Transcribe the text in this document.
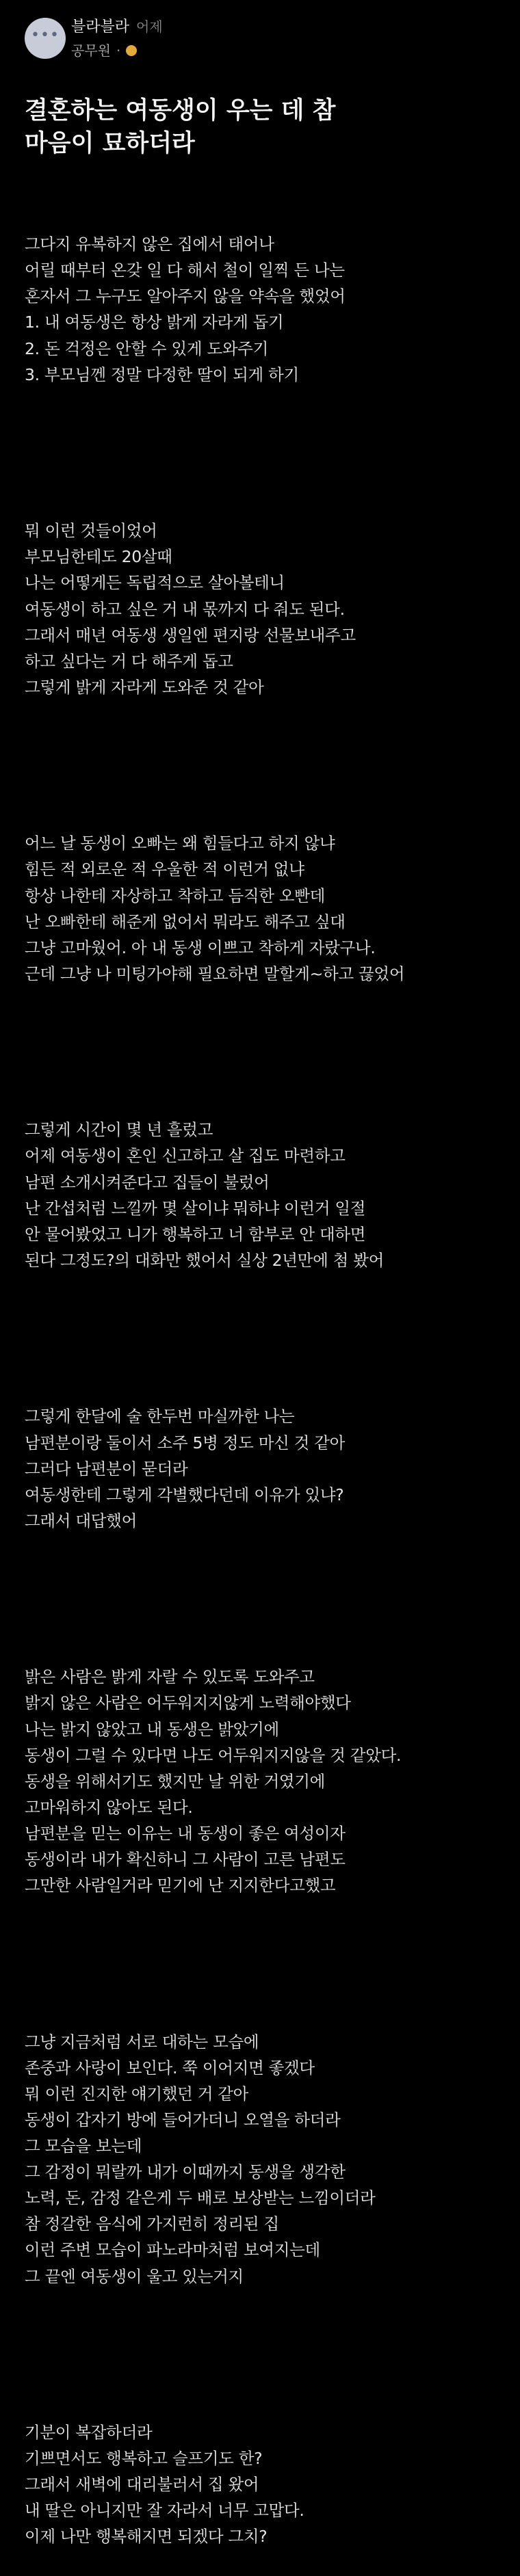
••• 블라블라 어제
공무원 ·
결혼하는 여동생이 우는 데 참
마음이 묘하더라

그다지 유복하지 않은 집에서 태어나
어릴 때부터 온갖 일 다 해서 철이 일찍 든 나는
혼자서 그 누구도 알아주지 않을 약속을 했었어
1. 내 여동생은 항상 밝게 자라게 돕기
2. 돈 걱정은 안할 수 있게 도와주기
3. 부모님껜 정말 다정한 딸이 되게 하기

뭐 이런 것들이었어
부모님한테도 20살때
나는 어떻게든 독립적으로 살아볼테니
여동생이 하고 싶은 거 내 몫까지 다 줘도 된다.
그래서 매년 여동생 생일엔 편지랑 선물보내주고
하고 싶다는 거 다 해주게 돕고
그렇게 밝게 자라게 도와준 것 같아

어느 날 동생이 오빠는 왜 힘들다고 하지 않냐
힘든 적 외로운 적 우울한 적 이런거 없냐
항상 나한테 자상하고 착하고 듬직한 오빤데
난 오빠한테 해준게 없어서 뭐라도 해주고 싶대
그냥 고마웠어. 아 내 동생 이쁘고 착하게 자랐구나.
근데 그냥 나 미팅가야해 필요하면 말할게~하고 끊었어

그렇게 시간이 몇 년 흘렀고
어제 여동생이 혼인 신고하고 살 집도 마련하고
남편 소개시켜준다고 집들이 불렀어
난 간섭처럼 느낄까 몇 살이냐 뭐하냐 이런거 일절
안 물어봤었고 니가 행복하고 너 함부로 안 대하면
된다 그정도?의 대화만 했어서 실상 2년만에 첨 봤어

그렇게 한달에 술 한두번 마실까한 나는
남편분이랑 둘이서 소주 5병 정도 마신 것 같아
그러다 남편분이 묻더라
여동생한테 그렇게 각별했다던데 이유가 있냐?
그래서 대답했어

밝은 사람은 밝게 자랄 수 있도록 도와주고
밝지 않은 사람은 어두워지지않게 노력해야했다
나는 밝지 않았고 내 동생은 밝았기에
동생이 그럴 수 있다면 나도 어두워지지않을 것 같았다.
동생을 위해서기도 했지만 날 위한 거였기에
고마워하지 않아도 된다.
남편분을 믿는 이유는 내 동생이 좋은 여성이자
동생이라 내가 확신하니 그 사람이 고른 남편도
그만한 사람일거라 믿기에 난 지지한다고했고

그냥 지금처럼 서로 대하는 모습에
존중과 사랑이 보인다. 쭉 이어지면 좋겠다
뭐 이런 진지한 얘기했던 거 같아
동생이 갑자기 방에 들어가더니 오열을 하더라
그 모습을 보는데
그 감정이 뭐랄까 내가 이때까지 동생을 생각한
노력, 돈, 감정 같은게 두 배로 보상받는 느낌이더라
참 정갈한 음식에 가지런히 정리된 집
이런 주변 모습이 파노라마처럼 보여지는데
그 끝엔 여동생이 울고 있는거지

기분이 복잡하더라
기쁘면서도 행복하고 슬프기도 한?
그래서 새벽에 대리불러서 집 왔어
내 딸은 아니지만 잘 자라서 너무 고맙다.
이제 나만 행복해지면 되겠다 그치?
